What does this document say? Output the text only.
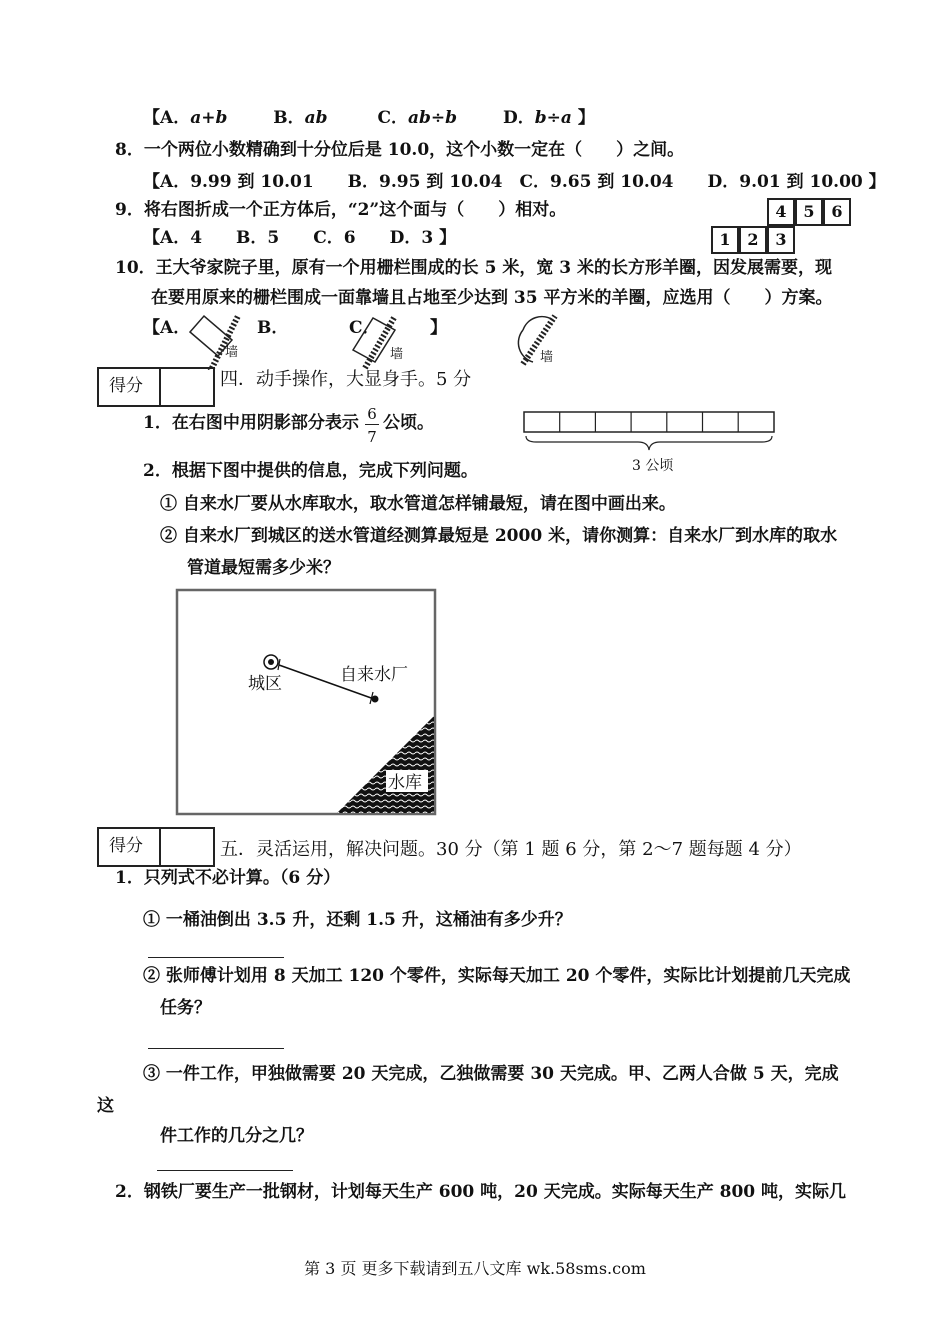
【A．a+b	B．ab	C．ab÷b	D．b÷a 】
8．一个两位小数精确到十分位后是 10.0，这个小数一定在（　　）之间。
【A．9.99 到 10.01　　B．9.95 到 10.04　C．9.65 到 10.04　　D．9.01 到 10.00 】
9．将右图折成一个正方体后，“2”这个面与（　　）相对。
【A．4　　B．5　　C．6　　D．3 】
4	5	6
1	2	3
10．王大爷家院子里，原有一个用栅栏围成的长 5 米，宽 3 米的长方形羊圈，因发展需要，现
在要用原来的栅栏围成一面靠墙且占地至少达到 35 平方米的羊圈，应选用（　　）方案。
【A．	B．	C．	】
墙	墙	墙
得分	四．动手操作，大显身手。5 分
1．在右图中用阴影部分表示 6
7
公顷。
3 公顷
2．根据下图中提供的信息，完成下列问题。
① 自来水厂要从水库取水，取水管道怎样铺最短，请在图中画出来。
② 自来水厂到城区的送水管道经测算最短是 2000 米，请你测算：自来水厂到水库的取水
管道最短需多少米？
城区	自来水厂
水库
得分	五．灵活运用，解决问题。30 分（第 1 题 6 分，第 2～7 题每题 4 分）
1．只列式不必计算。（6 分）
① 一桶油倒出 3.5 升，还剩 1.5 升，这桶油有多少升？
② 张师傅计划用 8 天加工 120 个零件，实际每天加工 20 个零件，实际比计划提前几天完成
任务？
③ 一件工作，甲独做需要 20 天完成，乙独做需要 30 天完成。甲、乙两人合做 5 天，完成
这
件工作的几分之几？
2．钢铁厂要生产一批钢材，计划每天生产 600 吨，20 天完成。实际每天生产 800 吨，实际几
第 3 页 更多下载请到五八文库 wk.58sms.com
